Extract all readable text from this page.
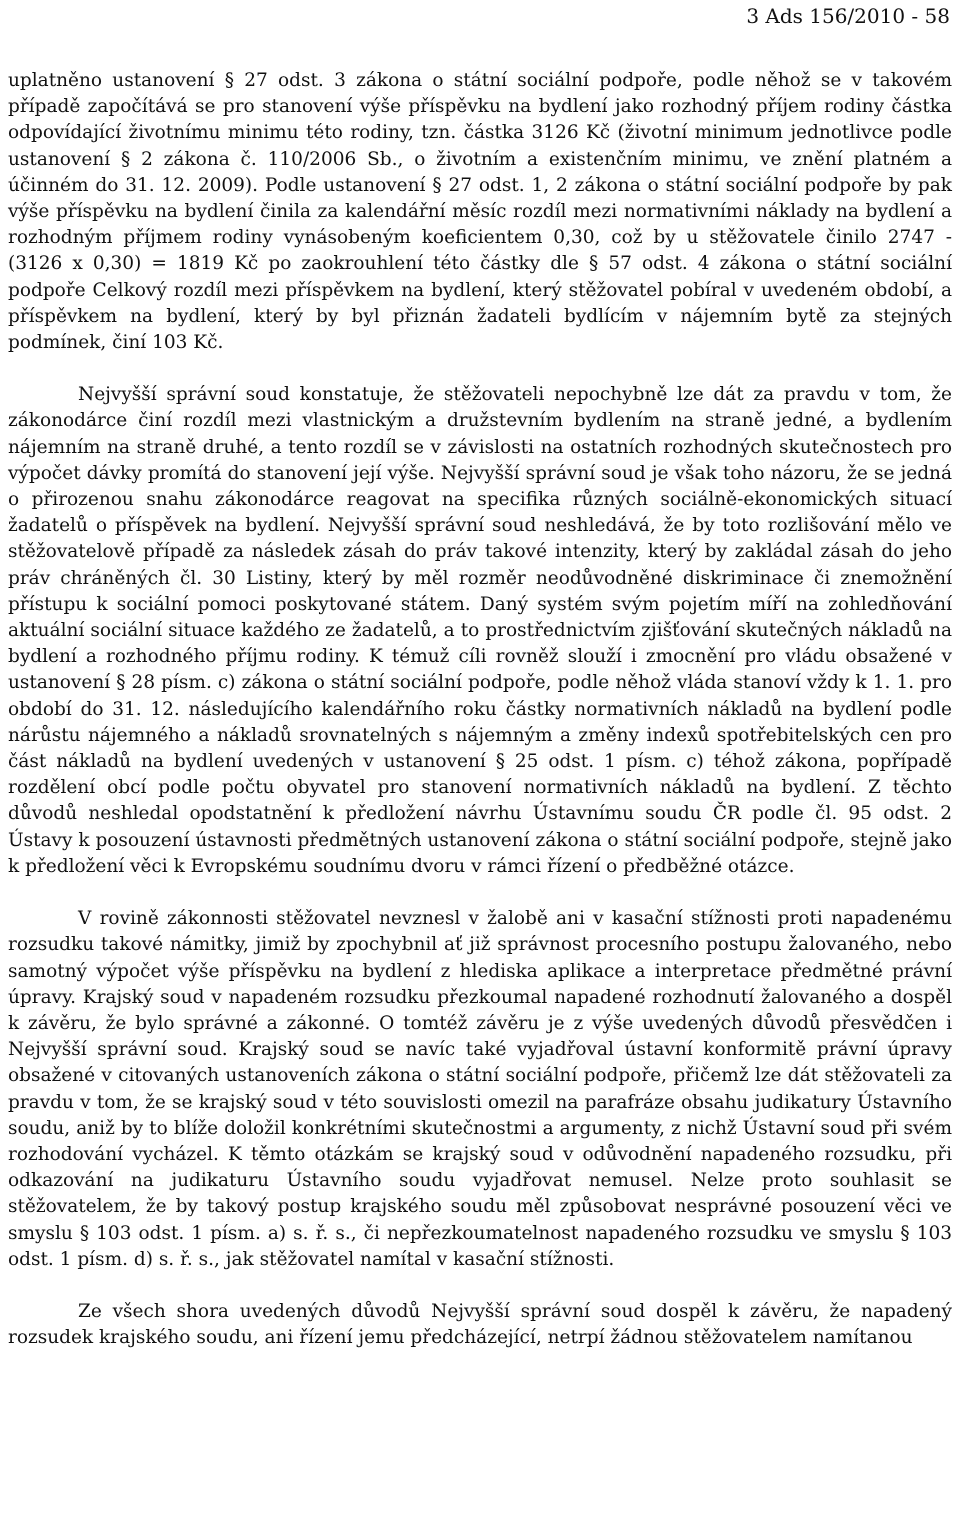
3 Ads 156/2010 - 58

uplatněno ustanovení § 27 odst. 3 zákona o státní sociální podpoře, podle něhož se v takovém případě započítává se pro stanovení výše příspěvku na bydlení jako rozhodný příjem rodiny částka odpovídající životnímu minimu této rodiny, tzn. částka 3126 Kč (životní minimum jednotlivce podle ustanovení § 2 zákona č. 110/2006 Sb., o životním a existenčním minimu, ve znění platném a účinném do 31. 12. 2009). Podle ustanovení § 27 odst. 1, 2 zákona o státní sociální podpoře by pak výše příspěvku na bydlení činila za kalendářní měsíc rozdíl mezi normativními náklady na bydlení a rozhodným příjmem rodiny vynásobeným koeficientem 0,30, což by u stěžovatele činilo 2747 - (3126 x 0,30) = 1819 Kč po zaokrouhlení této částky dle § 57 odst. 4 zákona o státní sociální podpoře Celkový rozdíl mezi příspěvkem na bydlení, který stěžovatel pobíral v uvedeném období, a příspěvkem na bydlení, který by byl přiznán žadateli bydlícím v nájemním bytě za stejných podmínek, činí 103 Kč.

Nejvyšší správní soud konstatuje, že stěžovateli nepochybně lze dát za pravdu v tom, že zákonodárce činí rozdíl mezi vlastnickým a družstevním bydlením na straně jedné, a bydlením nájemním na straně druhé, a tento rozdíl se v závislosti na ostatních rozhodných skutečnostech pro výpočet dávky promítá do stanovení její výše. Nejvyšší správní soud je však toho názoru, že se jedná o přirozenou snahu zákonodárce reagovat na specifika různých sociálně-ekonomických situací žadatelů o příspěvek na bydlení. Nejvyšší správní soud neshledává, že by toto rozlišování mělo ve stěžovatelově případě za následek zásah do práv takové intenzity, který by zakládal zásah do jeho práv chráněných čl. 30 Listiny, který by měl rozměr neodůvodněné diskriminace či znemožnění přístupu k sociální pomoci poskytované státem. Daný systém svým pojetím míří na zohledňování aktuální sociální situace každého ze žadatelů, a to prostřednictvím zjišťování skutečných nákladů na bydlení a rozhodného příjmu rodiny. K témuž cíli rovněž slouží i zmocnění pro vládu obsažené v ustanovení § 28 písm. c) zákona o státní sociální podpoře, podle něhož vláda stanoví vždy k 1. 1. pro období do 31. 12. následujícího kalendářního roku částky normativních nákladů na bydlení podle nárůstu nájemného a nákladů srovnatelných s nájemným a změny indexů spotřebitelských cen pro část nákladů na bydlení uvedených v ustanovení § 25 odst. 1 písm. c) téhož zákona, popřípadě rozdělení obcí podle počtu obyvatel pro stanovení normativních nákladů na bydlení. Z těchto důvodů neshledal opodstatnění k předložení návrhu Ústavnímu soudu ČR podle čl. 95 odst. 2 Ústavy k posouzení ústavnosti předmětných ustanovení zákona o státní sociální podpoře, stejně jako k předložení věci k Evropskému soudnímu dvoru v rámci řízení o předběžné otázce.

V rovině zákonnosti stěžovatel nevznesl v žalobě ani v kasační stížnosti proti napadenému rozsudku takové námitky, jimiž by zpochybnil ať již správnost procesního postupu žalovaného, nebo samotný výpočet výše příspěvku na bydlení z hlediska aplikace a interpretace předmětné právní úpravy. Krajský soud v napadeném rozsudku přezkoumal napadené rozhodnutí žalovaného a dospěl k závěru, že bylo správné a zákonné. O tomtéž závěru je z výše uvedených důvodů přesvědčen i Nejvyšší správní soud. Krajský soud se navíc také vyjadřoval ústavní konformitě právní úpravy obsažené v citovaných ustanoveních zákona o státní sociální podpoře, přičemž lze dát stěžovateli za pravdu v tom, že se krajský soud v této souvislosti omezil na parafráze obsahu judikatury Ústavního soudu, aniž by to blíže doložil konkrétními skutečnostmi a argumenty, z nichž Ústavní soud při svém rozhodování vycházel. K těmto otázkám se krajský soud v odůvodnění napadeného rozsudku, při odkazování na judikaturu Ústavního soudu vyjadřovat nemusel. Nelze proto souhlasit se stěžovatelem, že by takový postup krajského soudu měl způsobovat nesprávné posouzení věci ve smyslu § 103 odst. 1 písm. a) s. ř. s., či nepřezkoumatelnost napadeného rozsudku ve smyslu § 103 odst. 1 písm. d) s. ř. s., jak stěžovatel namítal v kasační stížnosti.

Ze všech shora uvedených důvodů Nejvyšší správní soud dospěl k závěru, že napadený rozsudek krajského soudu, ani řízení jemu předcházející, netrpí žádnou stěžovatelem namítanou
